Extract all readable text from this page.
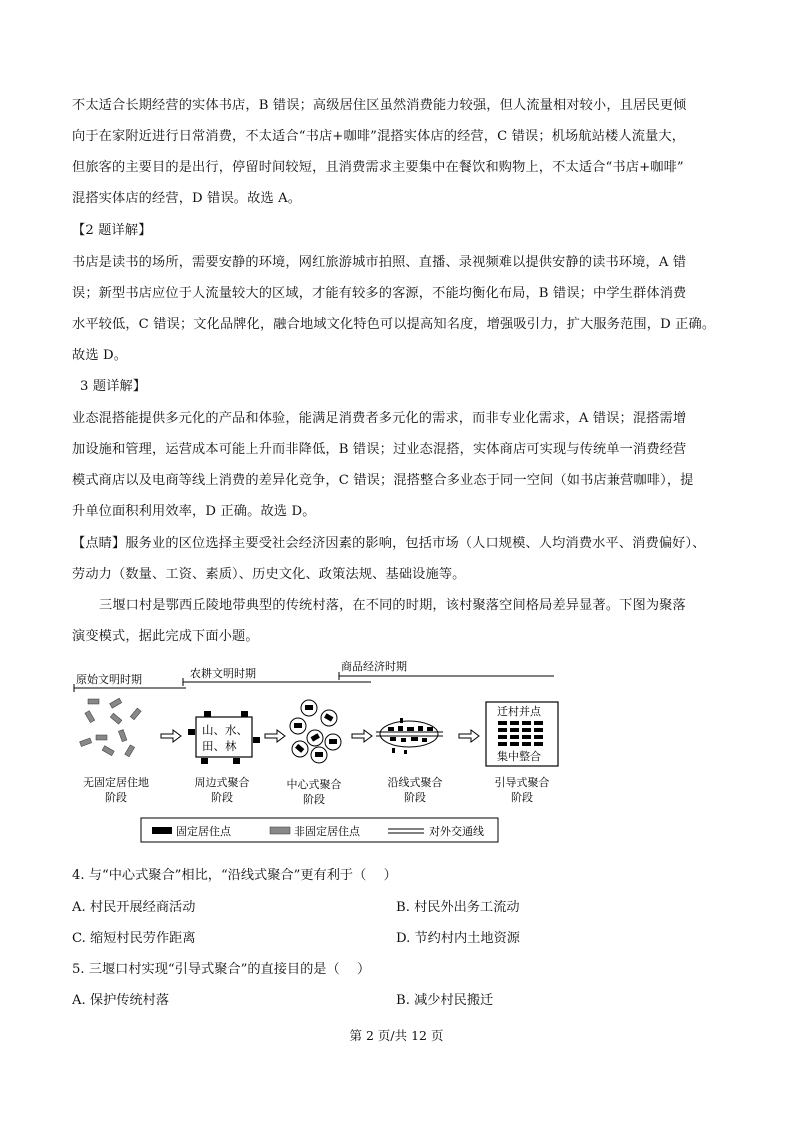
不太适合长期经营的实体书店，B 错误；高级居住区虽然消费能力较强，但人流量相对较小，且居民更倾
向于在家附近进行日常消费，不太适合“书店+咖啡”混搭实体店的经营，C 错误；机场航站楼人流量大，
但旅客的主要目的是出行，停留时间较短，且消费需求主要集中在餐饮和购物上，不太适合“书店+咖啡”
混搭实体店的经营，D 错误。故选 A。
【2 题详解】
书店是读书的场所，需要安静的环境，网红旅游城市拍照、直播、录视频难以提供安静的读书环境，A 错
误；新型书店应位于人流量较大的区域，才能有较多的客源，不能均衡化布局，B 错误；中学生群体消费
水平较低，C 错误；文化品牌化，融合地域文化特色可以提高知名度，增强吸引力，扩大服务范围，D 正确。
故选 D。
3 题详解】
业态混搭能提供多元化的产品和体验，能满足消费者多元化的需求，而非专业化需求，A 错误；混搭需增
加设施和管理，运营成本可能上升而非降低，B 错误；过业态混搭，实体商店可实现与传统单一消费经营
模式商店以及电商等线上消费的差异化竞争，C 错误；混搭整合多业态于同一空间（如书店兼营咖啡），提
升单位面积利用效率，D 正确。故选 D。
【点睛】服务业的区位选择主要受社会经济因素的影响，包括市场（人口规模、人均消费水平、消费偏好）、
劳动力（数量、工资、素质）、历史文化、政策法规、基础设施等。
三堰口村是鄂西丘陵地带典型的传统村落，在不同的时期，该村聚落空间格局差异显著。下图为聚落
演变模式，据此完成下面小题。
原始文明时期	农耕文明时期
商品经济时期
山、水、
田、林
迁村并点
集中整合
无固定居住地
阶段
周边式聚合
阶段
中心式聚合
阶段
沿线式聚合
阶段
引导式聚合
阶段
固定居住点	非固定居住点	对外交通线
4. 与“中心式聚合”相比，“沿线式聚合”更有利于（　 ）
A. 村民开展经商活动	B. 村民外出务工流动
C. 缩短村民劳作距离	D. 节约村内土地资源
5. 三堰口村实现“引导式聚合”的直接目的是（　 ）
A. 保护传统村落	B. 减少村民搬迁
第 2 页/共 12 页
